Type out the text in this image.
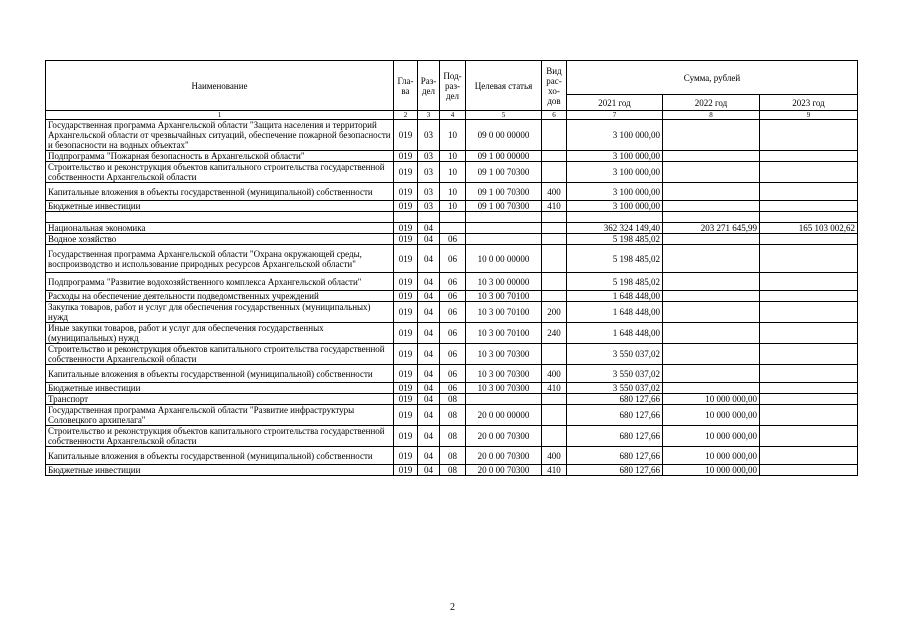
Наименование	Гла-ва	Раз-дел	Под-раз-дел	Целевая статья	Вид рас-хо-дов	Сумма, рублей		
						2021 год	2022 год	2023 год
1	2	3	4	5	6	7	8	9
Государственная программа Архангельской области "Защита населения и территорий Архангельской области от чрезвычайных ситуаций, обеспечение пожарной безопасности и безопасности на водных объектах"	019	03	10	09 0 00 00000		3 100 000,00		
Подпрограмма "Пожарная безопасность в Архангельской области"	019	03	10	09 1 00 00000		3 100 000,00		
Строительство и реконструкция объектов капитального строительства государственной собственности Архангельской области	019	03	10	09 1 00 70300		3 100 000,00		
Капитальные вложения в объекты государственной (муниципальной) собственности	019	03	10	09 1 00 70300	400	3 100 000,00		
Бюджетные инвестиции	019	03	10	09 1 00 70300	410	3 100 000,00		

Национальная экономика	019	04				362 324 149,40	203 271 645,99	165 103 002,62
Водное хозяйство	019	04	06			5 198 485,02		
Государственная программа Архангельской области "Охрана окружающей среды, воспроизводство и использование природных ресурсов Архангельской области"	019	04	06	10 0 00 00000		5 198 485,02		
Подпрограмма "Развитие водохозяйственного комплекса Архангельской области"	019	04	06	10 3 00 00000		5 198 485,02		
Расходы на обеспечение деятельности подведомственных учреждений	019	04	06	10 3 00 70100		1 648 448,00		
Закупка товаров, работ и услуг для обеспечения государственных (муниципальных) нужд	019	04	06	10 3 00 70100	200	1 648 448,00		
Иные закупки товаров, работ и услуг для обеспечения государственных (муниципальных) нужд	019	04	06	10 3 00 70100	240	1 648 448,00		
Строительство и реконструкция объектов капитального строительства государственной собственности Архангельской области	019	04	06	10 3 00 70300		3 550 037,02		
Капитальные вложения в объекты государственной (муниципальной) собственности	019	04	06	10 3 00 70300	400	3 550 037,02		
Бюджетные инвестиции	019	04	06	10 3 00 70300	410	3 550 037,02		
Транспорт	019	04	08			680 127,66	10 000 000,00	
Государственная программа Архангельской области "Развитие инфраструктуры Соловецкого архипелага"	019	04	08	20 0 00 00000		680 127,66	10 000 000,00	
Строительство и реконструкция объектов капитального строительства государственной собственности Архангельской области	019	04	08	20 0 00 70300		680 127,66	10 000 000,00	
Капитальные вложения в объекты государственной (муниципальной) собственности	019	04	08	20 0 00 70300	400	680 127,66	10 000 000,00	
Бюджетные инвестиции	019	04	08	20 0 00 70300	410	680 127,66	10 000 000,00	
2
